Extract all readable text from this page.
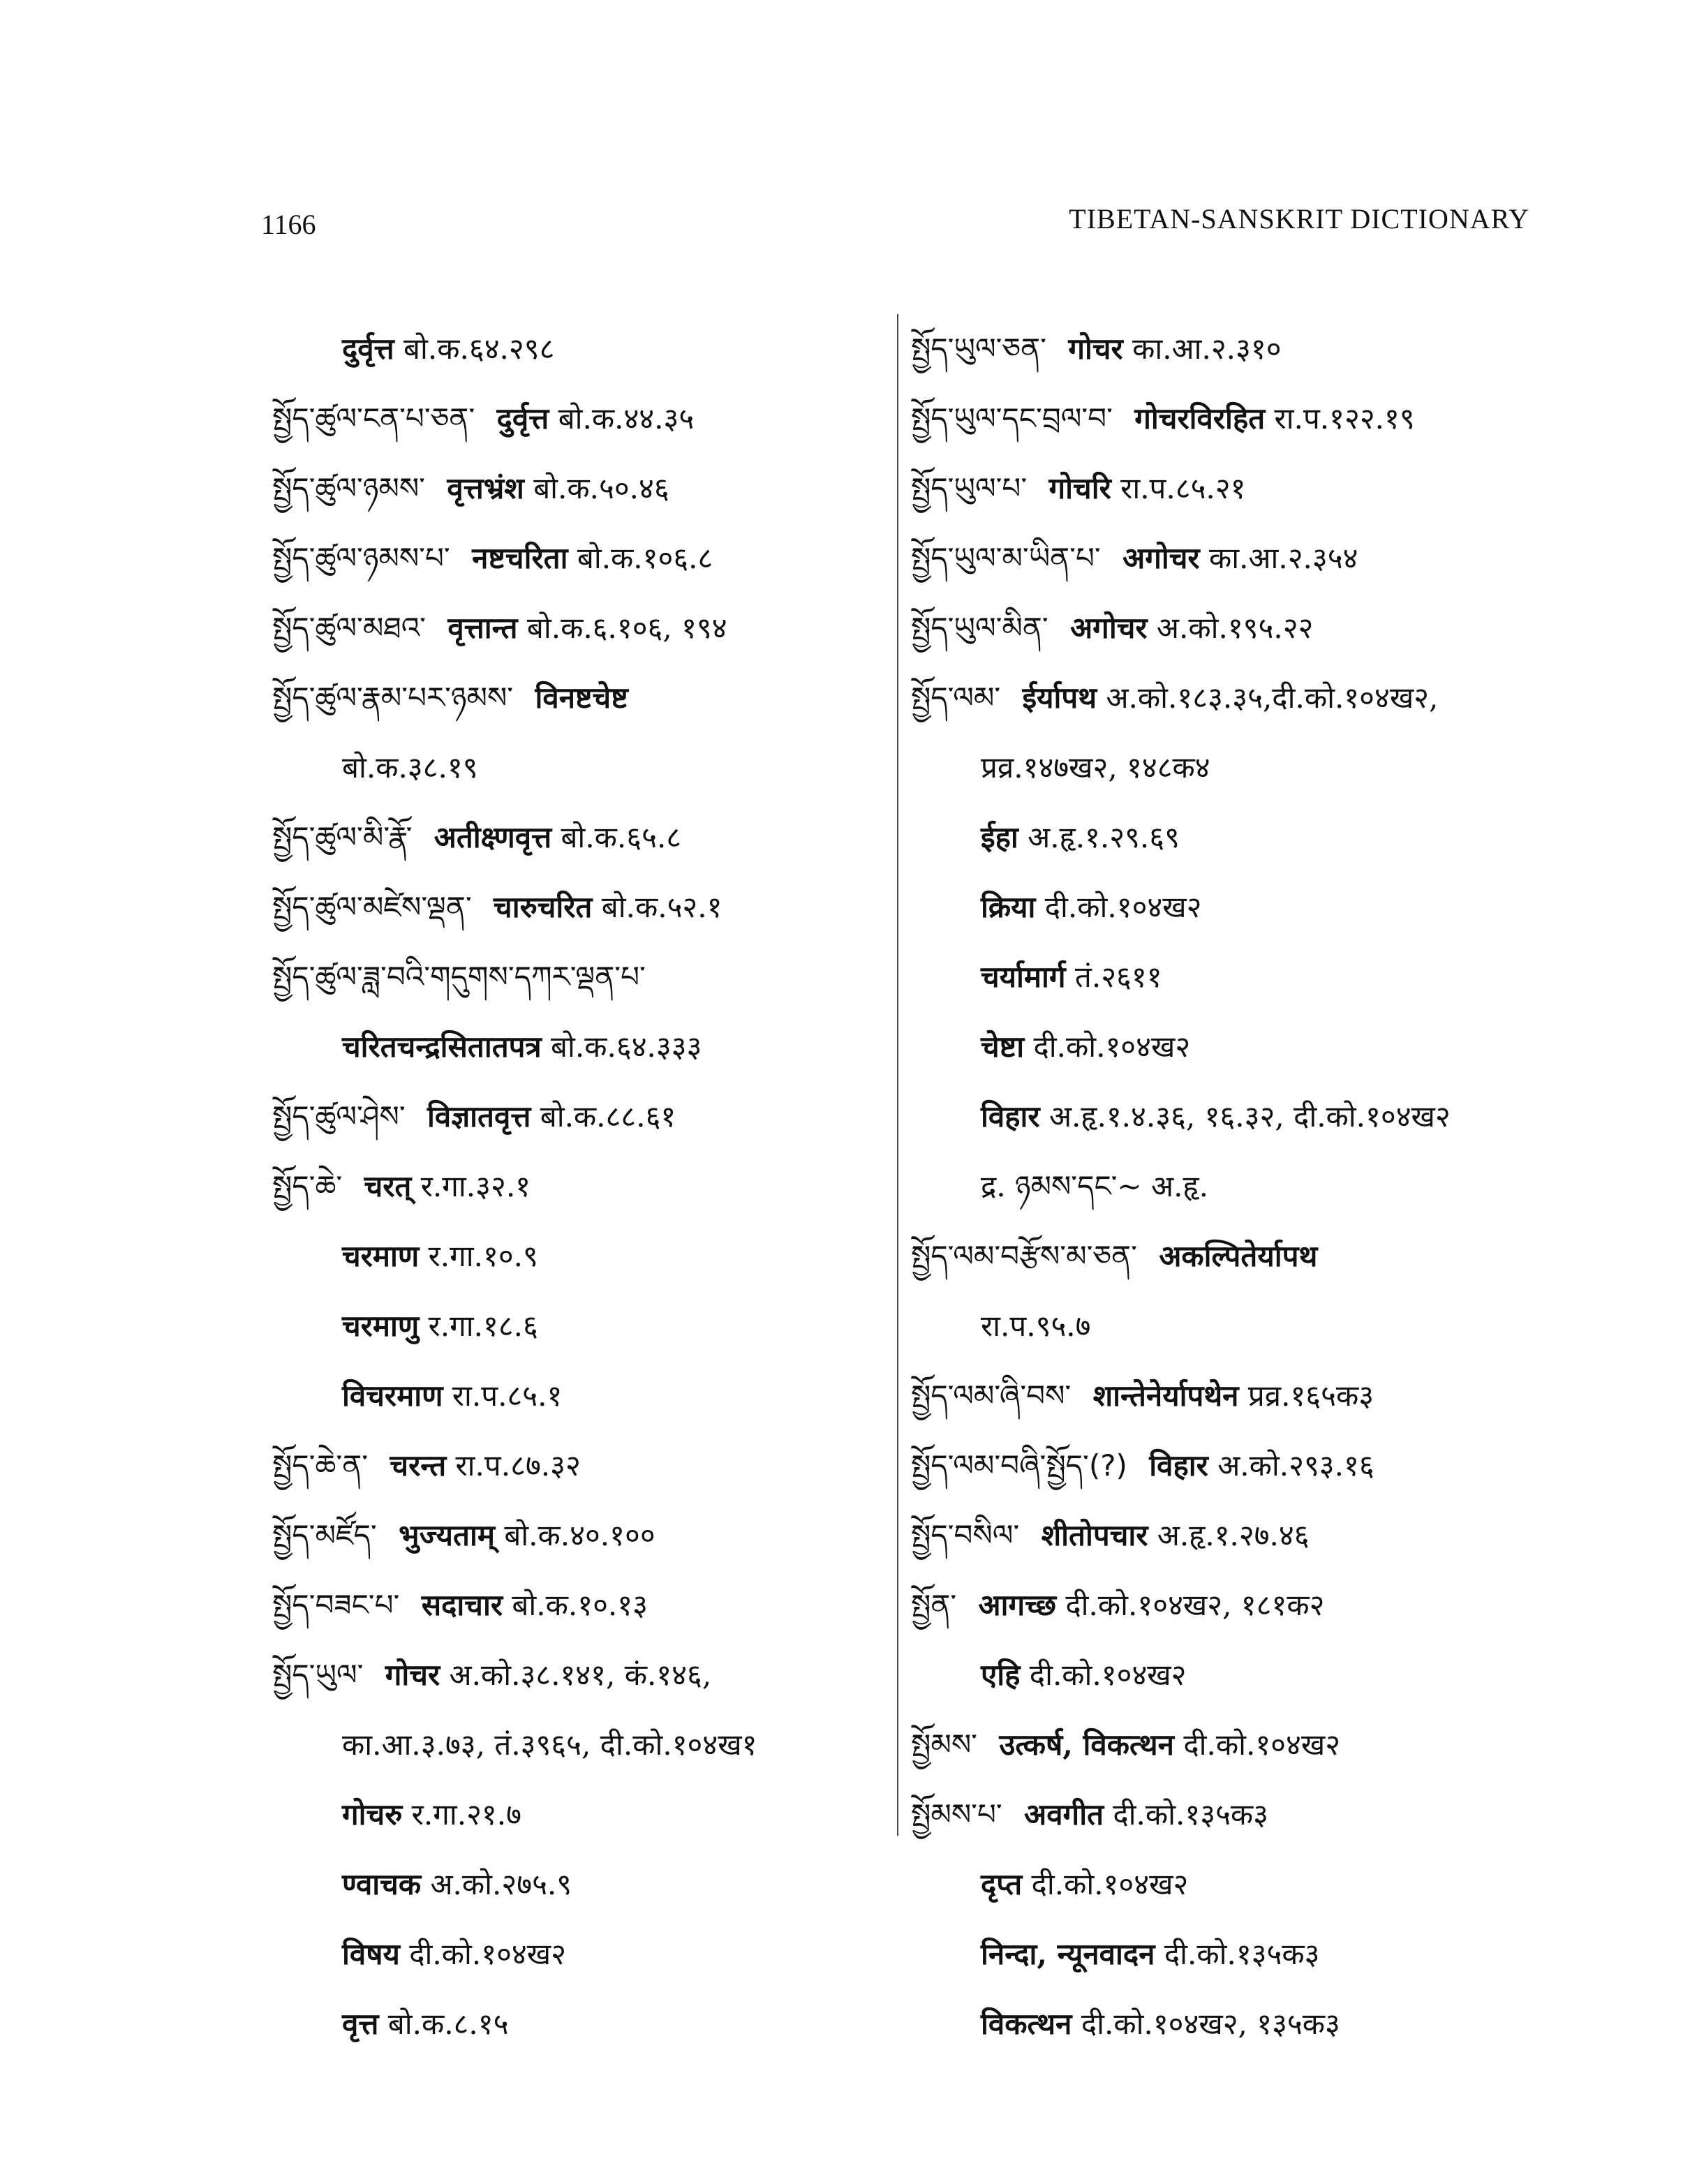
1166	TIBETAN-SANSKRIT DICTIONARY
दुर्वृत्त बो.क.६४.२९८
སྤྱོད་ཚུལ་ངན་པ་ཅན་ दुर्वृत्त बो.क.४४.३५
སྤྱོད་ཚུལ་ཉམས་ वृत्तभ्रंश बो.क.५०.४६
སྤྱོད་ཚུལ་ཉམས་པ་ नष्टचरिता बो.क.१०६.८
སྤྱོད་ཚུལ་མཐའ་ वृत्तान्त बो.क.६.१०६, १९४
སྤྱོད་ཚུལ་རྣམ་པར་ཉམས་ विनष्टचेष्ट
बो.क.३८.१९
སྤྱོད་ཚུལ་མི་རྣོ་ अतीक्ष्णवृत्त बो.क.६५.८
སྤྱོད་ཚུལ་མཛེས་ལྡན་ चारुचरित बो.क.५२.१
སྤྱོད་ཚུལ་ཟླ་བའི་གདུགས་དཀར་ལྡན་པ་
चरितचन्द्रसितातपत्र बो.क.६४.३३३
སྤྱོད་ཚུལ་ཤེས་ विज्ञातवृत्त बो.क.८८.६१
སྤྱོད་ཆེ་ चरत् र.गा.३२.१
चरमाण र.गा.१०.९
चरमाणु र.गा.१८.६
विचरमाण रा.प.८५.१
སྤྱོད་ཆེ་ན་ चरन्त रा.प.८७.३२
སྤྱོད་མཛོད་ भुज्यताम् बो.क.४०.१००
སྤྱོད་བཟང་པ་ सदाचार बो.क.१०.१३
སྤྱོད་ཡུལ་ गोचर अ.को.३८.१४१, कं.१४६,
का.आ.३.७३, तं.३९६५, दी.को.१०४ख१
गोचरु र.गा.२१.७
ण्वाचक अ.को.२७५.९
विषय दी.को.१०४ख२
वृत्त बो.क.८.१५
སྤྱོད་ཡུལ་ཅན་ गोचर का.आ.२.३१०
སྤྱོད་ཡུལ་དང་བྲལ་བ་ गोचरविरहित रा.प.१२२.१९
སྤྱོད་ཡུལ་པ་ गोचरि रा.प.८५.२१
སྤྱོད་ཡུལ་མ་ཡིན་པ་ अगोचर का.आ.२.३५४
སྤྱོད་ཡུལ་མིན་ अगोचर अ.को.१९५.२२
སྤྱོད་ལམ་ ईर्यापथ अ.को.१८३.३५,दी.को.१०४ख२,
प्रव्र.१४७ख२, १४८क४
ईहा अ.हृ.१.२९.६९
क्रिया दी.को.१०४ख२
चर्यामार्ग तं.२६११
चेष्टा दी.को.१०४ख२
विहार अ.हृ.१.४.३६, १६.३२, दी.को.१०४ख२
द्र. ཉམས་དང་~ अ.हृ.
སྤྱོད་ལམ་བརྩོས་མ་ཅན་ अकल्पितेर्यापथ
रा.प.९५.७
སྤྱོད་ལམ་ཞི་བས་ शान्तेनेर्यापथेन प्रव्र.१६५क३
སྤྱོད་ལམ་བཞི་སྤྱོད་(?) विहार अ.को.२९३.१६
སྤྱོད་བསིལ་ शीतोपचार अ.हृ.१.२७.४६
སྤྱོན་ आगच्छ दी.को.१०४ख२, १८१क२
एहि दी.को.१०४ख२
སྤྱོམས་ उत्कर्ष, विकत्थन दी.को.१०४ख२
སྤྱོམས་པ་ अवगीत दी.को.१३५क३
दृप्त दी.को.१०४ख२
निन्दा, न्यूनवादन दी.को.१३५क३
विकत्थन दी.को.१०४ख२, १३५क३
